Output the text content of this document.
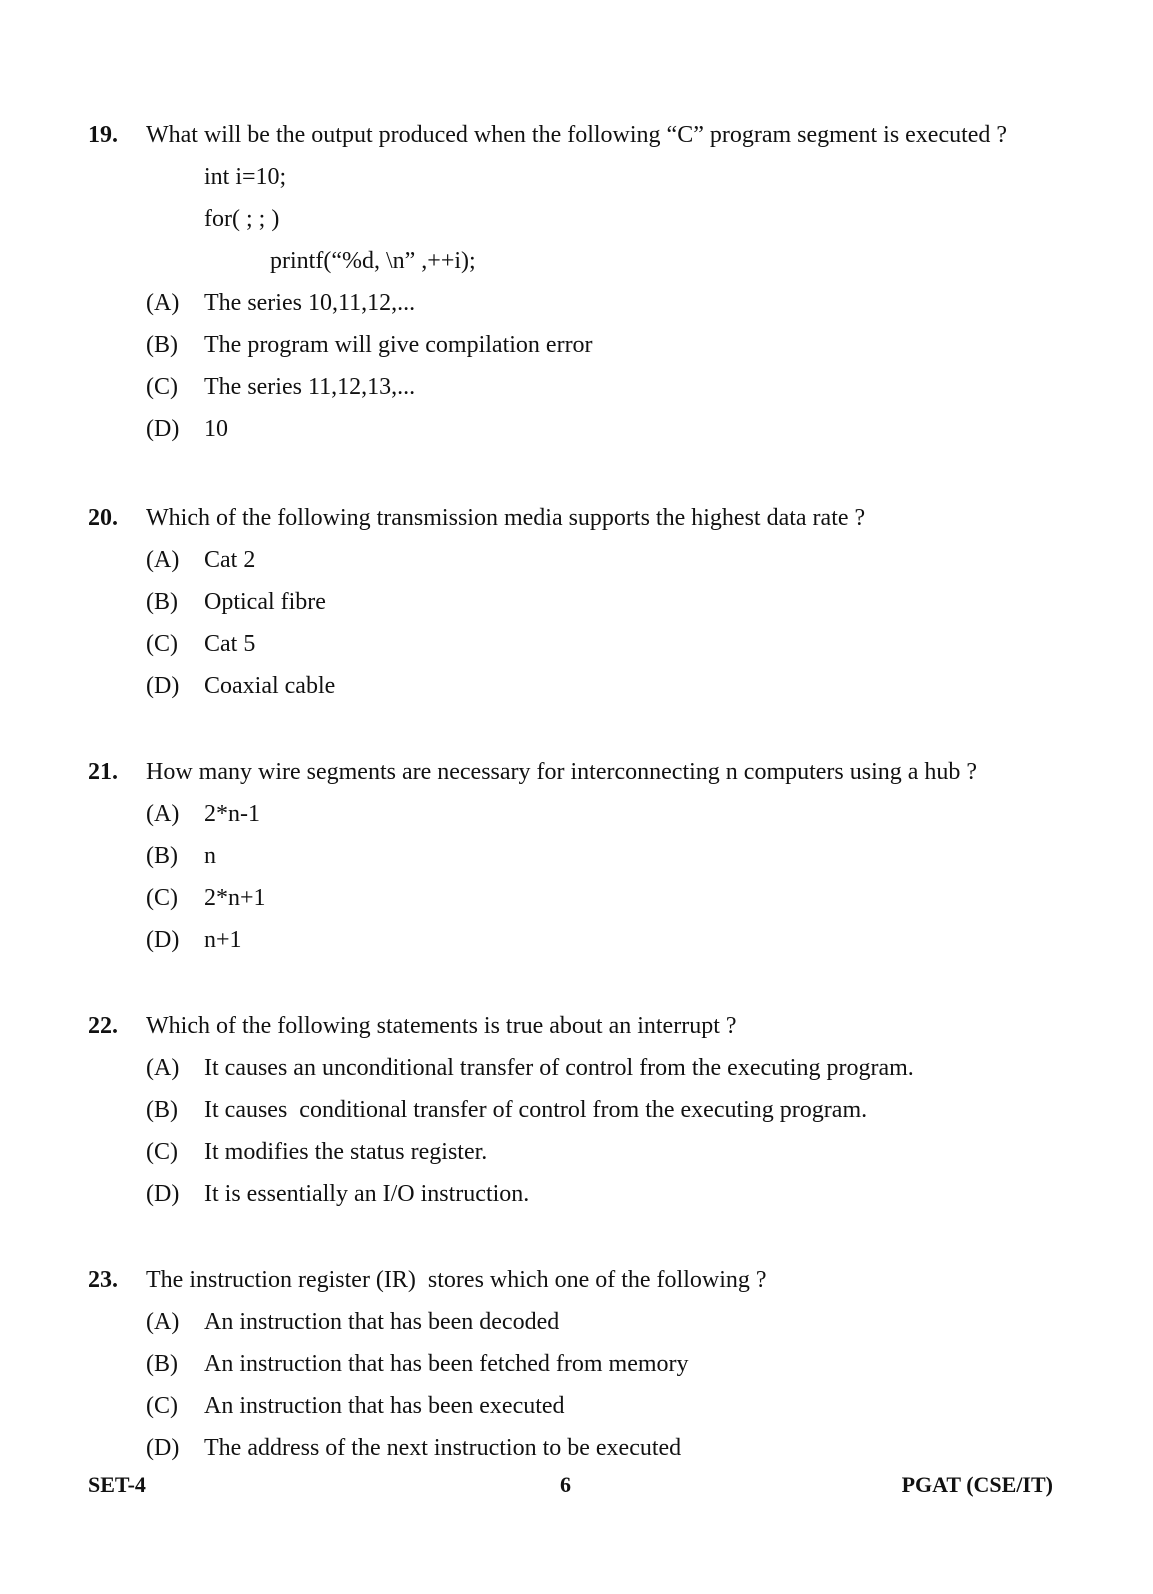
19. What will be the output produced when the following “C” program segment is executed ?
int i=10;
for( ; ; )
printf(“%d, \n” ,++i);
(A) The series 10,11,12,...
(B) The program will give compilation error
(C) The series 11,12,13,...
(D) 10
20. Which of the following transmission media supports the highest data rate ?
(A) Cat 2
(B) Optical fibre
(C) Cat 5
(D) Coaxial cable
21. How many wire segments are necessary for interconnecting n computers using a hub ?
(A) 2*n-1
(B) n
(C) 2*n+1
(D) n+1
22. Which of the following statements is true about an interrupt ?
(A) It causes an unconditional transfer of control from the executing program.
(B) It causes  conditional transfer of control from the executing program.
(C) It modifies the status register.
(D) It is essentially an I/O instruction.
23. The instruction register (IR)  stores which one of the following ?
(A) An instruction that has been decoded
(B) An instruction that has been fetched from memory
(C) An instruction that has been executed
(D) The address of the next instruction to be executed
SET-4	6	PGAT (CSE/IT)
